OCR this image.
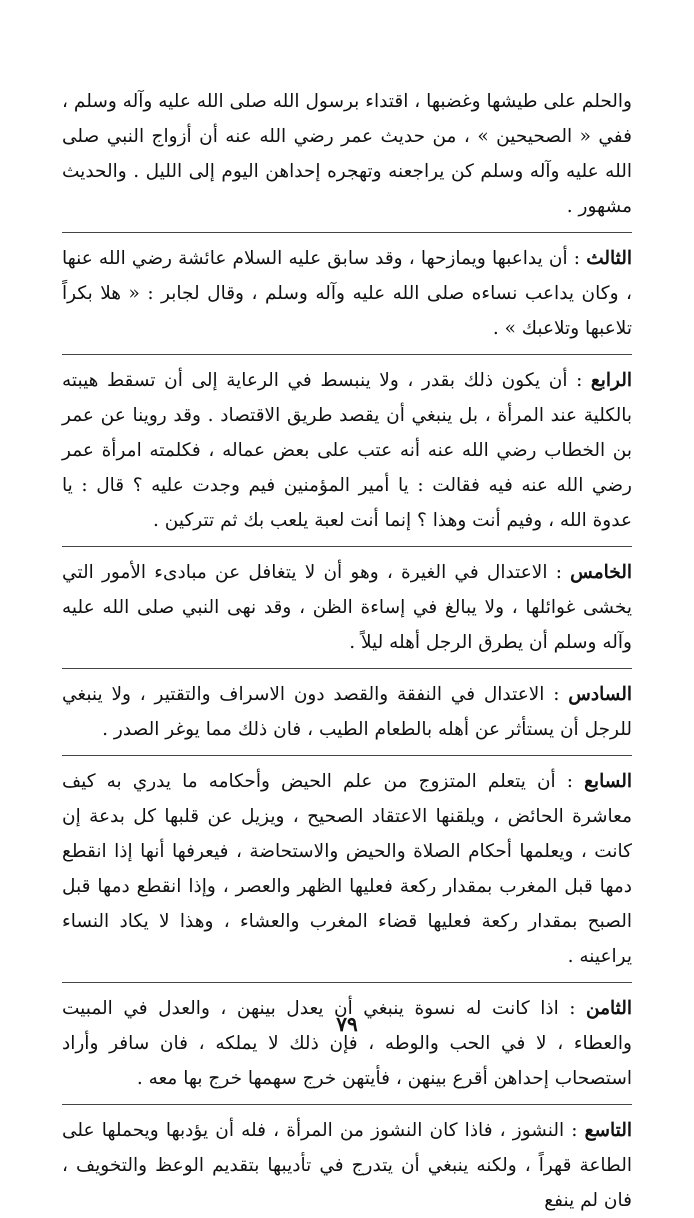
والحلم على طيشها وغضبها ، اقتداء برسول الله صلى الله عليه وآله وسلم ، ففي « الصحيحين » ، من حديث عمر رضي الله عنه أن أزواج النبي صلى الله عليه وآله وسلم كن يراجعنه وتهجره إحداهن اليوم إلى الليل . والحديث مشهور .

الثالث : أن يداعبها ويمازحها ، وقد سابق عليه السلام عائشة رضي الله عنها ، وكان يداعب نساءه صلى الله عليه وآله وسلم ، وقال لجابر : « هلا بكراً تلاعبها وتلاعبك » .

الرابع : أن يكون ذلك بقدر ، ولا ينبسط في الرعاية إلى أن تسقط هيبته بالكلية عند المرأة ، بل ينبغي أن يقصد طريق الاقتصاد . وقد روينا عن عمر بن الخطاب رضي الله عنه أنه عتب على بعض عماله ، فكلمته امرأة عمر رضي الله عنه فيه فقالت : يا أمير المؤمنين فيم وجدت عليه ؟ قال : يا عدوة الله ، وفيم أنت وهذا ؟ إنما أنت لعبة يلعب بك ثم تتركين .

الخامس : الاعتدال في الغيرة ، وهو أن لا يتغافل عن مبادىء الأمور التي يخشى غوائلها ، ولا يبالغ في إساءة الظن ، وقد نهى النبي صلى الله عليه وآله وسلم أن يطرق الرجل أهله ليلاً .

السادس : الاعتدال في النفقة والقصد دون الاسراف والتقتير ، ولا ينبغي للرجل أن يستأثر عن أهله بالطعام الطيب ، فان ذلك مما يوغر الصدر .

السابع : أن يتعلم المتزوج من علم الحيض وأحكامه ما يدري به كيف معاشرة الحائض ، ويلقنها الاعتقاد الصحيح ، ويزيل عن قلبها كل بدعة إن كانت ، ويعلمها أحكام الصلاة والحيض والاستحاضة ، فيعرفها أنها إذا انقطع دمها قبل المغرب بمقدار ركعة فعليها الظهر والعصر ، وإذا انقطع دمها قبل الصبح بمقدار ركعة فعليها قضاء المغرب والعشاء ، وهذا لا يكاد النساء يراعينه .

الثامن : اذا كانت له نسوة ينبغي أن يعدل بينهن ، والعدل في المبيت والعطاء ، لا في الحب والوطه ، فإن ذلك لا يملكه ، فان سافر وأراد استصحاب إحداهن أقرع بينهن ، فأيتهن خرج سهمها خرج بها معه .

التاسع : النشوز ، فاذا كان النشوز من المرأة ، فله أن يؤدبها ويحملها على الطاعة قهراً ، ولكنه ينبغي أن يتدرج في تأديبها بتقديم الوعظ والتخويف ، فان لم ينفع

٧٩
